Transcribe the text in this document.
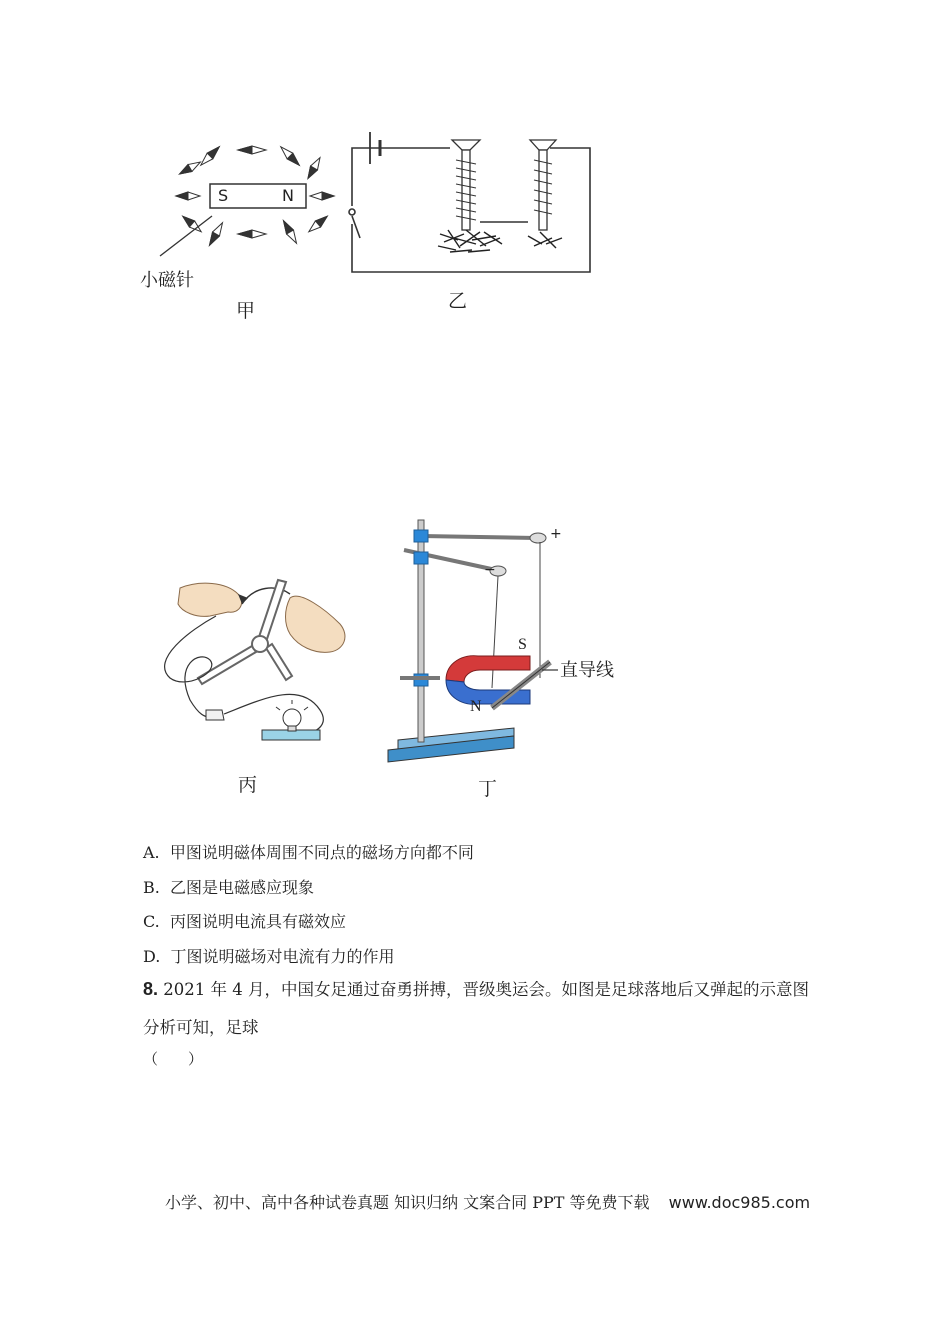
S	N
小磁针
甲	乙
丙
+
−
S
N
直导线
丁
A. 甲图说明磁体周围不同点的磁场方向都不同
B. 乙图是电磁感应现象
C. 丙图说明电流具有磁效应
D. 丁图说明磁场对电流有力的作用
8. 2021 年 4 月，中国女足通过奋勇拼搏，晋级奥运会。如图是足球落地后又弹起的示意图
分析可知，足球
（　　）
小学、初中、高中各种试卷真题 知识归纳 文案合同 PPT 等免费下载 www.doc985.com
